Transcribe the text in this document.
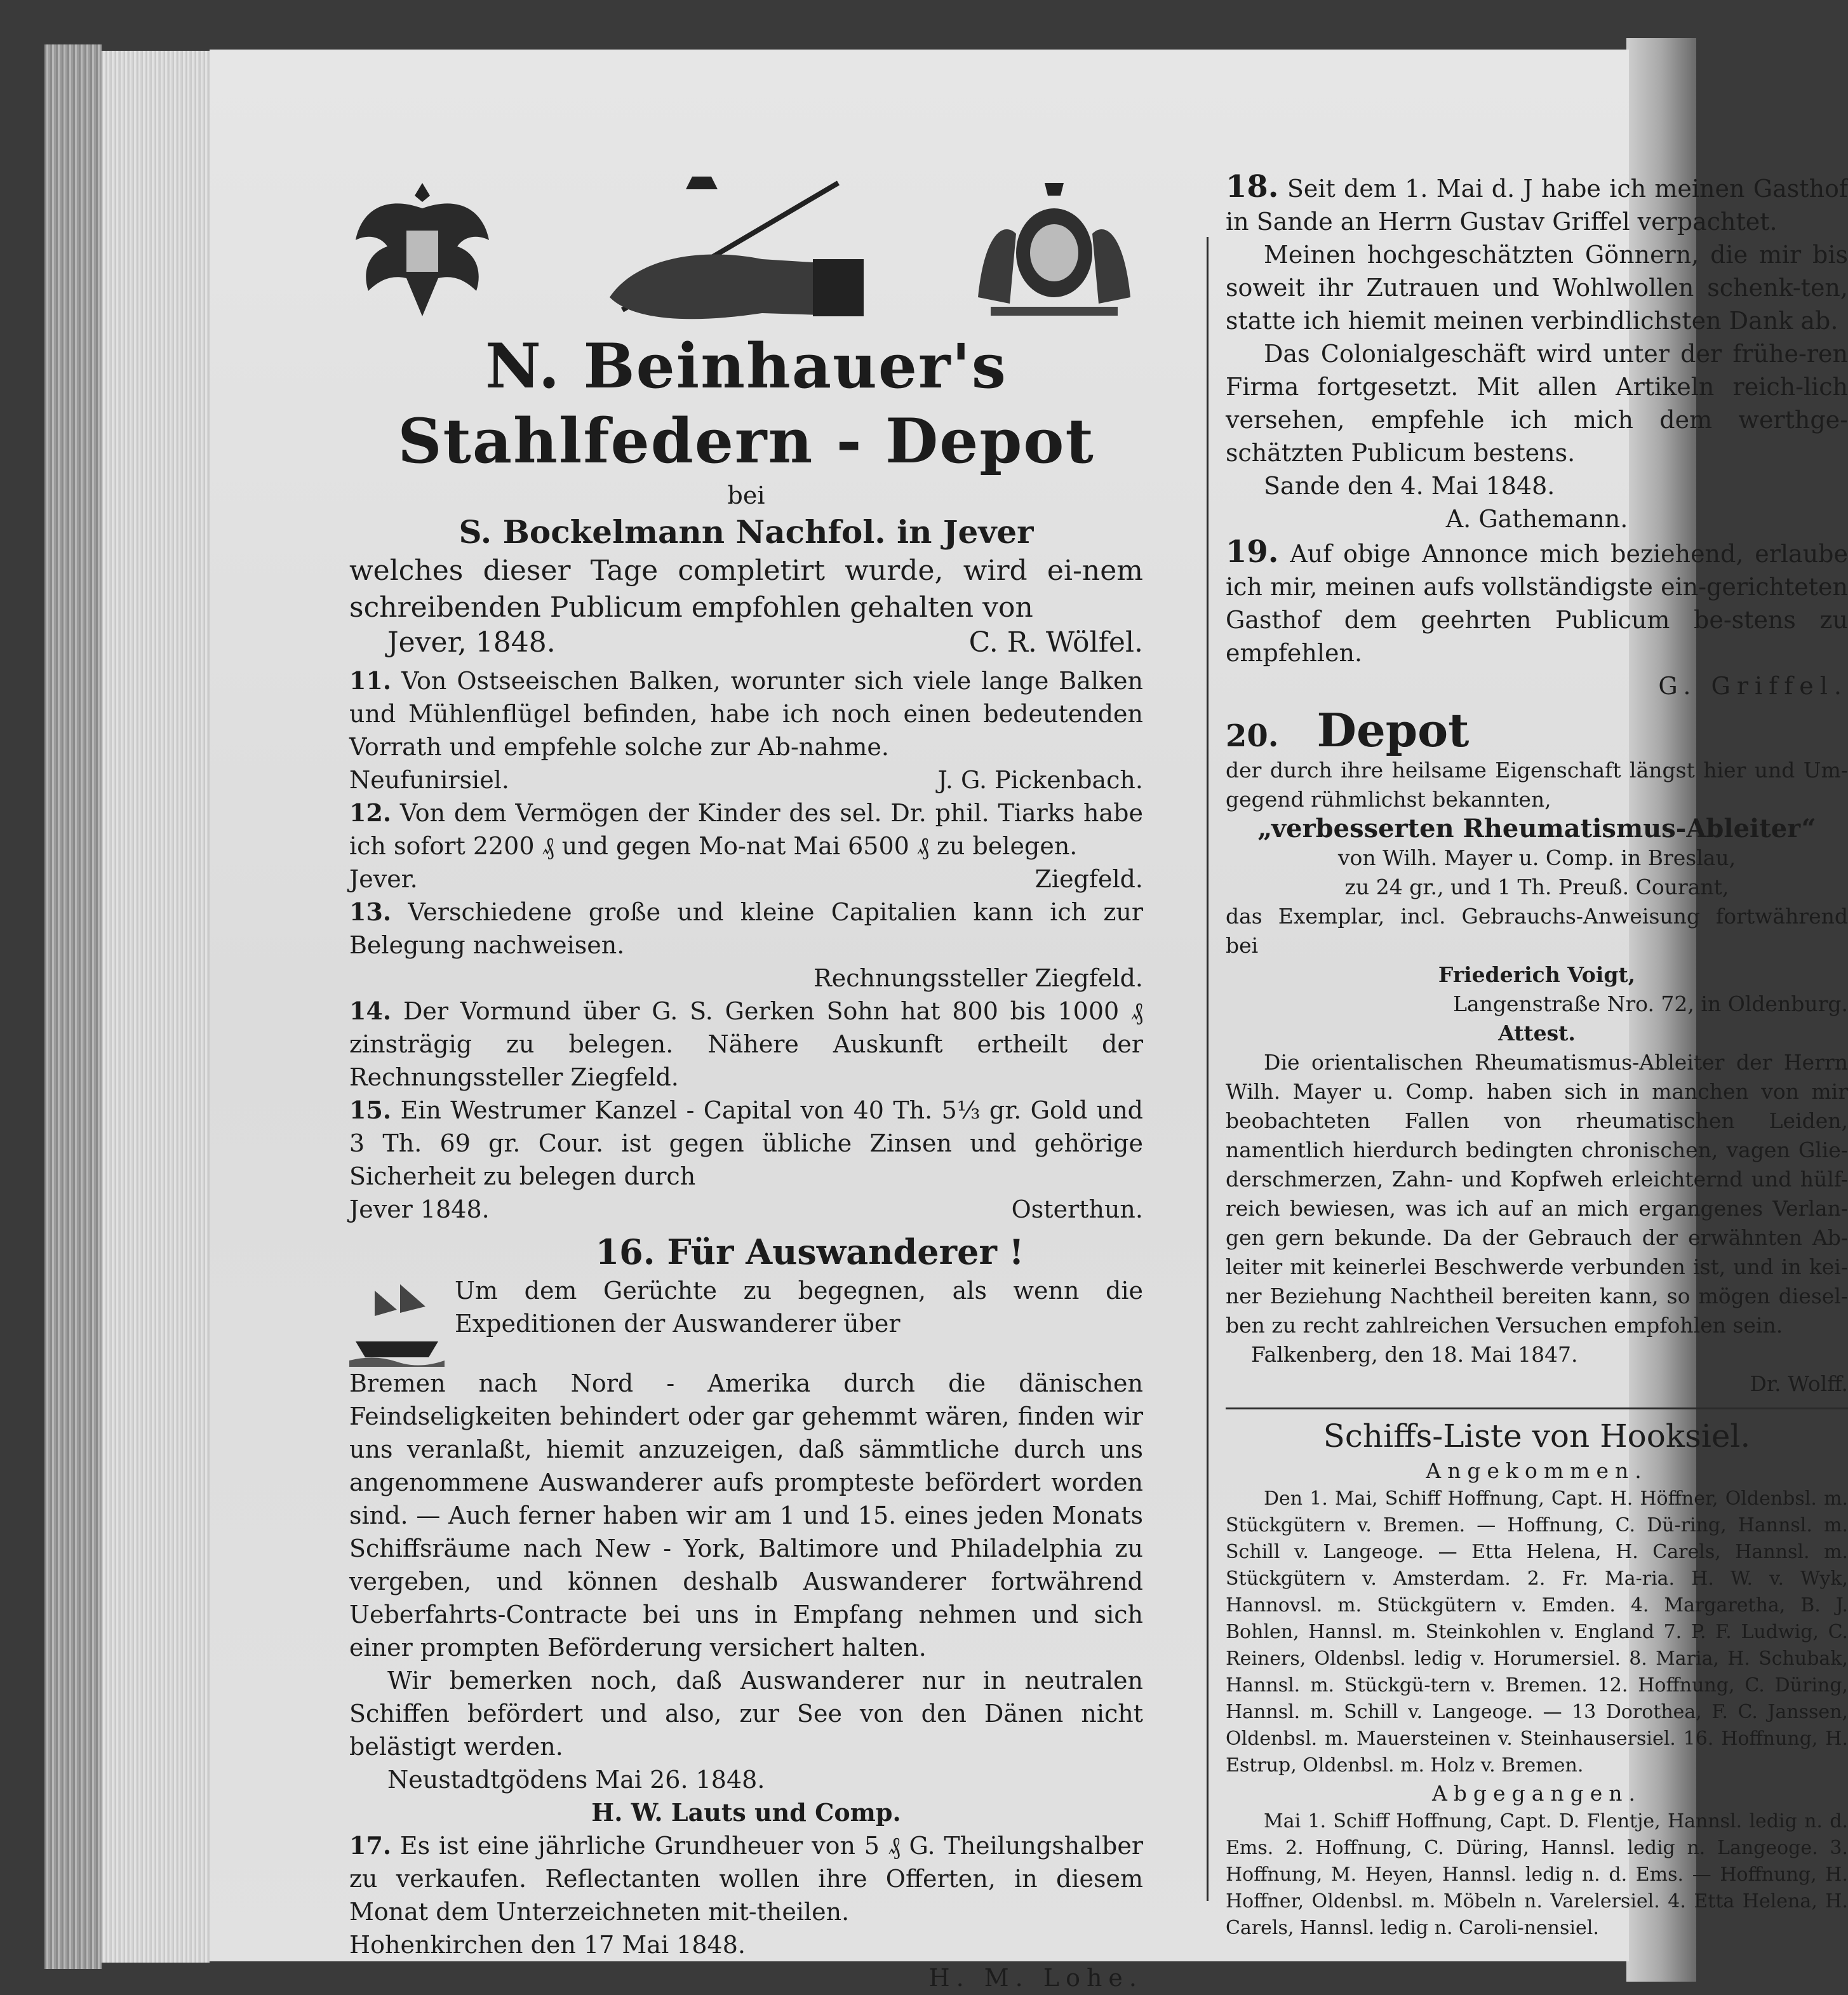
N. Beinhauer's
Stahlfedern - Depot

bei

S. Bockelmann Nachfol. in Jever

welches dieser Tage completirt wurde, wird ei-nem schreibenden Publicum empfohlen gehalten von

Jever, 1848.	C. R. Wölfel.

11. Von Ostseeischen Balken, worunter sich viele lange Balken und Mühlenflügel befinden, habe ich noch einen bedeutenden Vorrath und empfehle solche zur Ab-nahme.

Neufunirsiel.	J. G. Pickenbach.

12. Von dem Vermögen der Kinder des sel. Dr. phil. Tiarks habe ich sofort 2200 ₰ und gegen Mo-nat Mai 6500 ₰ zu belegen.

Jever.	Ziegfeld.

13. Verschiedene große und kleine Capitalien kann ich zur Belegung nachweisen.

Rechnungssteller Ziegfeld.

14. Der Vormund über G. S. Gerken Sohn hat 800 bis 1000 ₰ zinsträgig zu belegen. Nähere Auskunft ertheilt der Rechnungssteller Ziegfeld.

15. Ein Westrumer Kanzel - Capital von 40 Th. 5⅓ gr. Gold und 3 Th. 69 gr. Cour. ist gegen übliche Zinsen und gehörige Sicherheit zu belegen durch

Jever 1848.	Osterthun.

16. Für Auswanderer !

Um dem Gerüchte zu begegnen, als wenn die Expeditionen der Auswanderer über

Bremen nach Nord - Amerika durch die dänischen Feindseligkeiten behindert oder gar gehemmt wären, finden wir uns veranlaßt, hiemit anzuzeigen, daß sämmtliche durch uns angenommene Auswanderer aufs prompteste befördert worden sind. — Auch ferner haben wir am 1 und 15. eines jeden Monats Schiffsräume nach New - York, Baltimore und Philadelphia zu vergeben, und können deshalb Auswanderer fortwährend Ueberfahrts-Contracte bei uns in Empfang nehmen und sich einer prompten Beförderung versichert halten.

Wir bemerken noch, daß Auswanderer nur in neutralen Schiffen befördert und also, zur See von den Dänen nicht belästigt werden.

Neustadtgödens Mai 26. 1848.

H. W. Lauts und Comp.

17. Es ist eine jährliche Grundheuer von 5 ₰ G. Theilungshalber zu verkaufen. Reflectanten wollen ihre Offerten, in diesem Monat dem Unterzeichneten mit-theilen.

Hohenkirchen den 17 Mai 1848.

H. M. Lohe.

18. Seit dem 1. Mai d. J habe ich meinen Gasthof in Sande an Herrn Gustav Griffel verpachtet.

Meinen hochgeschätzten Gönnern, die mir bis soweit ihr Zutrauen und Wohlwollen schenk-ten, statte ich hiemit meinen verbindlichsten Dank ab.

Das Colonialgeschäft wird unter der frühe-ren Firma fortgesetzt. Mit allen Artikeln reich-lich versehen, empfehle ich mich dem werthge-schätzten Publicum bestens.

Sande den 4. Mai 1848.

A. Gathemann.

19. Auf obige Annonce mich beziehend, erlaube ich mir, meinen aufs vollständigste ein-gerichteten Gasthof dem geehrten Publicum be-stens zu empfehlen.

G. Griffel.

20. Depot

der durch ihre heilsame Eigenschaft längst hier und Um-gegend rühmlichst bekannten,

„verbesserten Rheumatismus-Ableiter“

von Wilh. Mayer u. Comp. in Breslau,

zu 24 gr., und 1 Th. Preuß. Courant,

das Exemplar, incl. Gebrauchs-Anweisung fortwährend bei

Friederich Voigt,

Langenstraße Nro. 72, in Oldenburg.

Attest.

Die orientalischen Rheumatismus-Ableiter der Herrn Wilh. Mayer u. Comp. haben sich in manchen von mir beobachteten Fallen von rheumatischen Leiden, namentlich hierdurch bedingten chronischen, vagen Glie-derschmerzen, Zahn- und Kopfweh erleichternd und hülf-reich bewiesen, was ich auf an mich ergangenes Verlan-gen gern bekunde. Da der Gebrauch der erwähnten Ab-leiter mit keinerlei Beschwerde verbunden ist, und in kei-ner Beziehung Nachtheil bereiten kann, so mögen diesel-ben zu recht zahlreichen Versuchen empfohlen sein.

Falkenberg, den 18. Mai 1847.

Dr. Wolff.

Schiffs-Liste von Hooksiel.

Angekommen.

Den 1. Mai, Schiff Hoffnung, Capt. H. Höffner, Oldenbsl. m. Stückgütern v. Bremen. — Hoffnung, C. Dü-ring, Hannsl. m. Schill v. Langeoge. — Etta Helena, H. Carels, Hannsl. m. Stückgütern v. Amsterdam. 2. Fr. Ma-ria. H. W. v. Wyk, Hannovsl. m. Stückgütern v. Emden. 4. Margaretha, B. J. Bohlen, Hannsl. m. Steinkohlen v. England 7. P. F. Ludwig, C. Reiners, Oldenbsl. ledig v. Horumersiel. 8. Maria, H. Schubak, Hannsl. m. Stückgü-tern v. Bremen. 12. Hoffnung, C. Düring, Hannsl. m. Schill v. Langeoge. — 13 Dorothea, F. C. Janssen, Oldenbsl. m. Mauersteinen v. Steinhausersiel. 16. Hoffnung, H. Estrup, Oldenbsl. m. Holz v. Bremen.

Abgegangen.

Mai 1. Schiff Hoffnung, Capt. D. Flentje, Hannsl. ledig n. d. Ems. 2. Hoffnung, C. Düring, Hannsl. ledig n. Langeoge. 3. Hoffnung, M. Heyen, Hannsl. ledig n. d. Ems. — Hoffnung, H. Hoffner, Oldenbsl. m. Möbeln n. Varelersiel. 4. Etta Helena, H. Carels, Hannsl. ledig n. Caroli-nensiel.
